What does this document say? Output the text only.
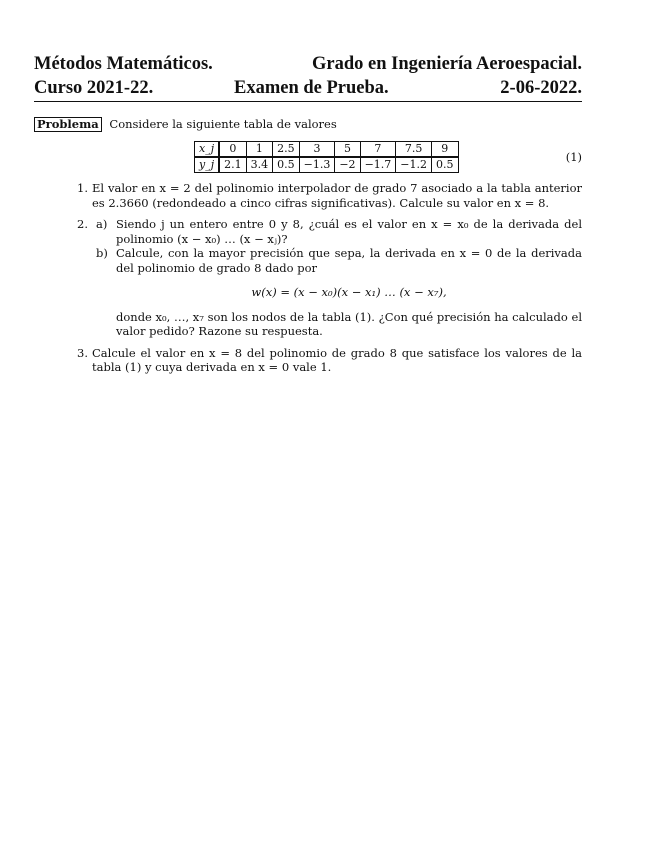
Métodos Matemáticos.	Grado en Ingeniería Aeroespacial.
Curso 2021-22.	Examen de Prueba.	2-06-2022.
Problema Considere la siguiente tabla de valores
x_j	0	1	2.5	3	5	7	7.5	9
y_j	2.1	3.4	0.5	−1.3	−2	−1.7	−1.2	0.5
(1)
1. El valor en x = 2 del polinomio interpolador de grado 7 asociado a la tabla anterior es 2.3660 (redondeado a cinco cifras significativas). Calcule su valor en x = 8.
2. a) Siendo j un entero entre 0 y 8, ¿cuál es el valor en x = x₀ de la derivada del polinomio (x − x₀) … (x − xⱼ)?
b) Calcule, con la mayor precisión que sepa, la derivada en x = 0 de la derivada del polinomio de grado 8 dado por
w(x) = (x − x₀)(x − x₁) … (x − x₇),
donde x₀, …, x₇ son los nodos de la tabla (1). ¿Con qué precisión ha calculado el valor pedido? Razone su respuesta.
3. Calcule el valor en x = 8 del polinomio de grado 8 que satisface los valores de la tabla (1) y cuya derivada en x = 0 vale 1.
